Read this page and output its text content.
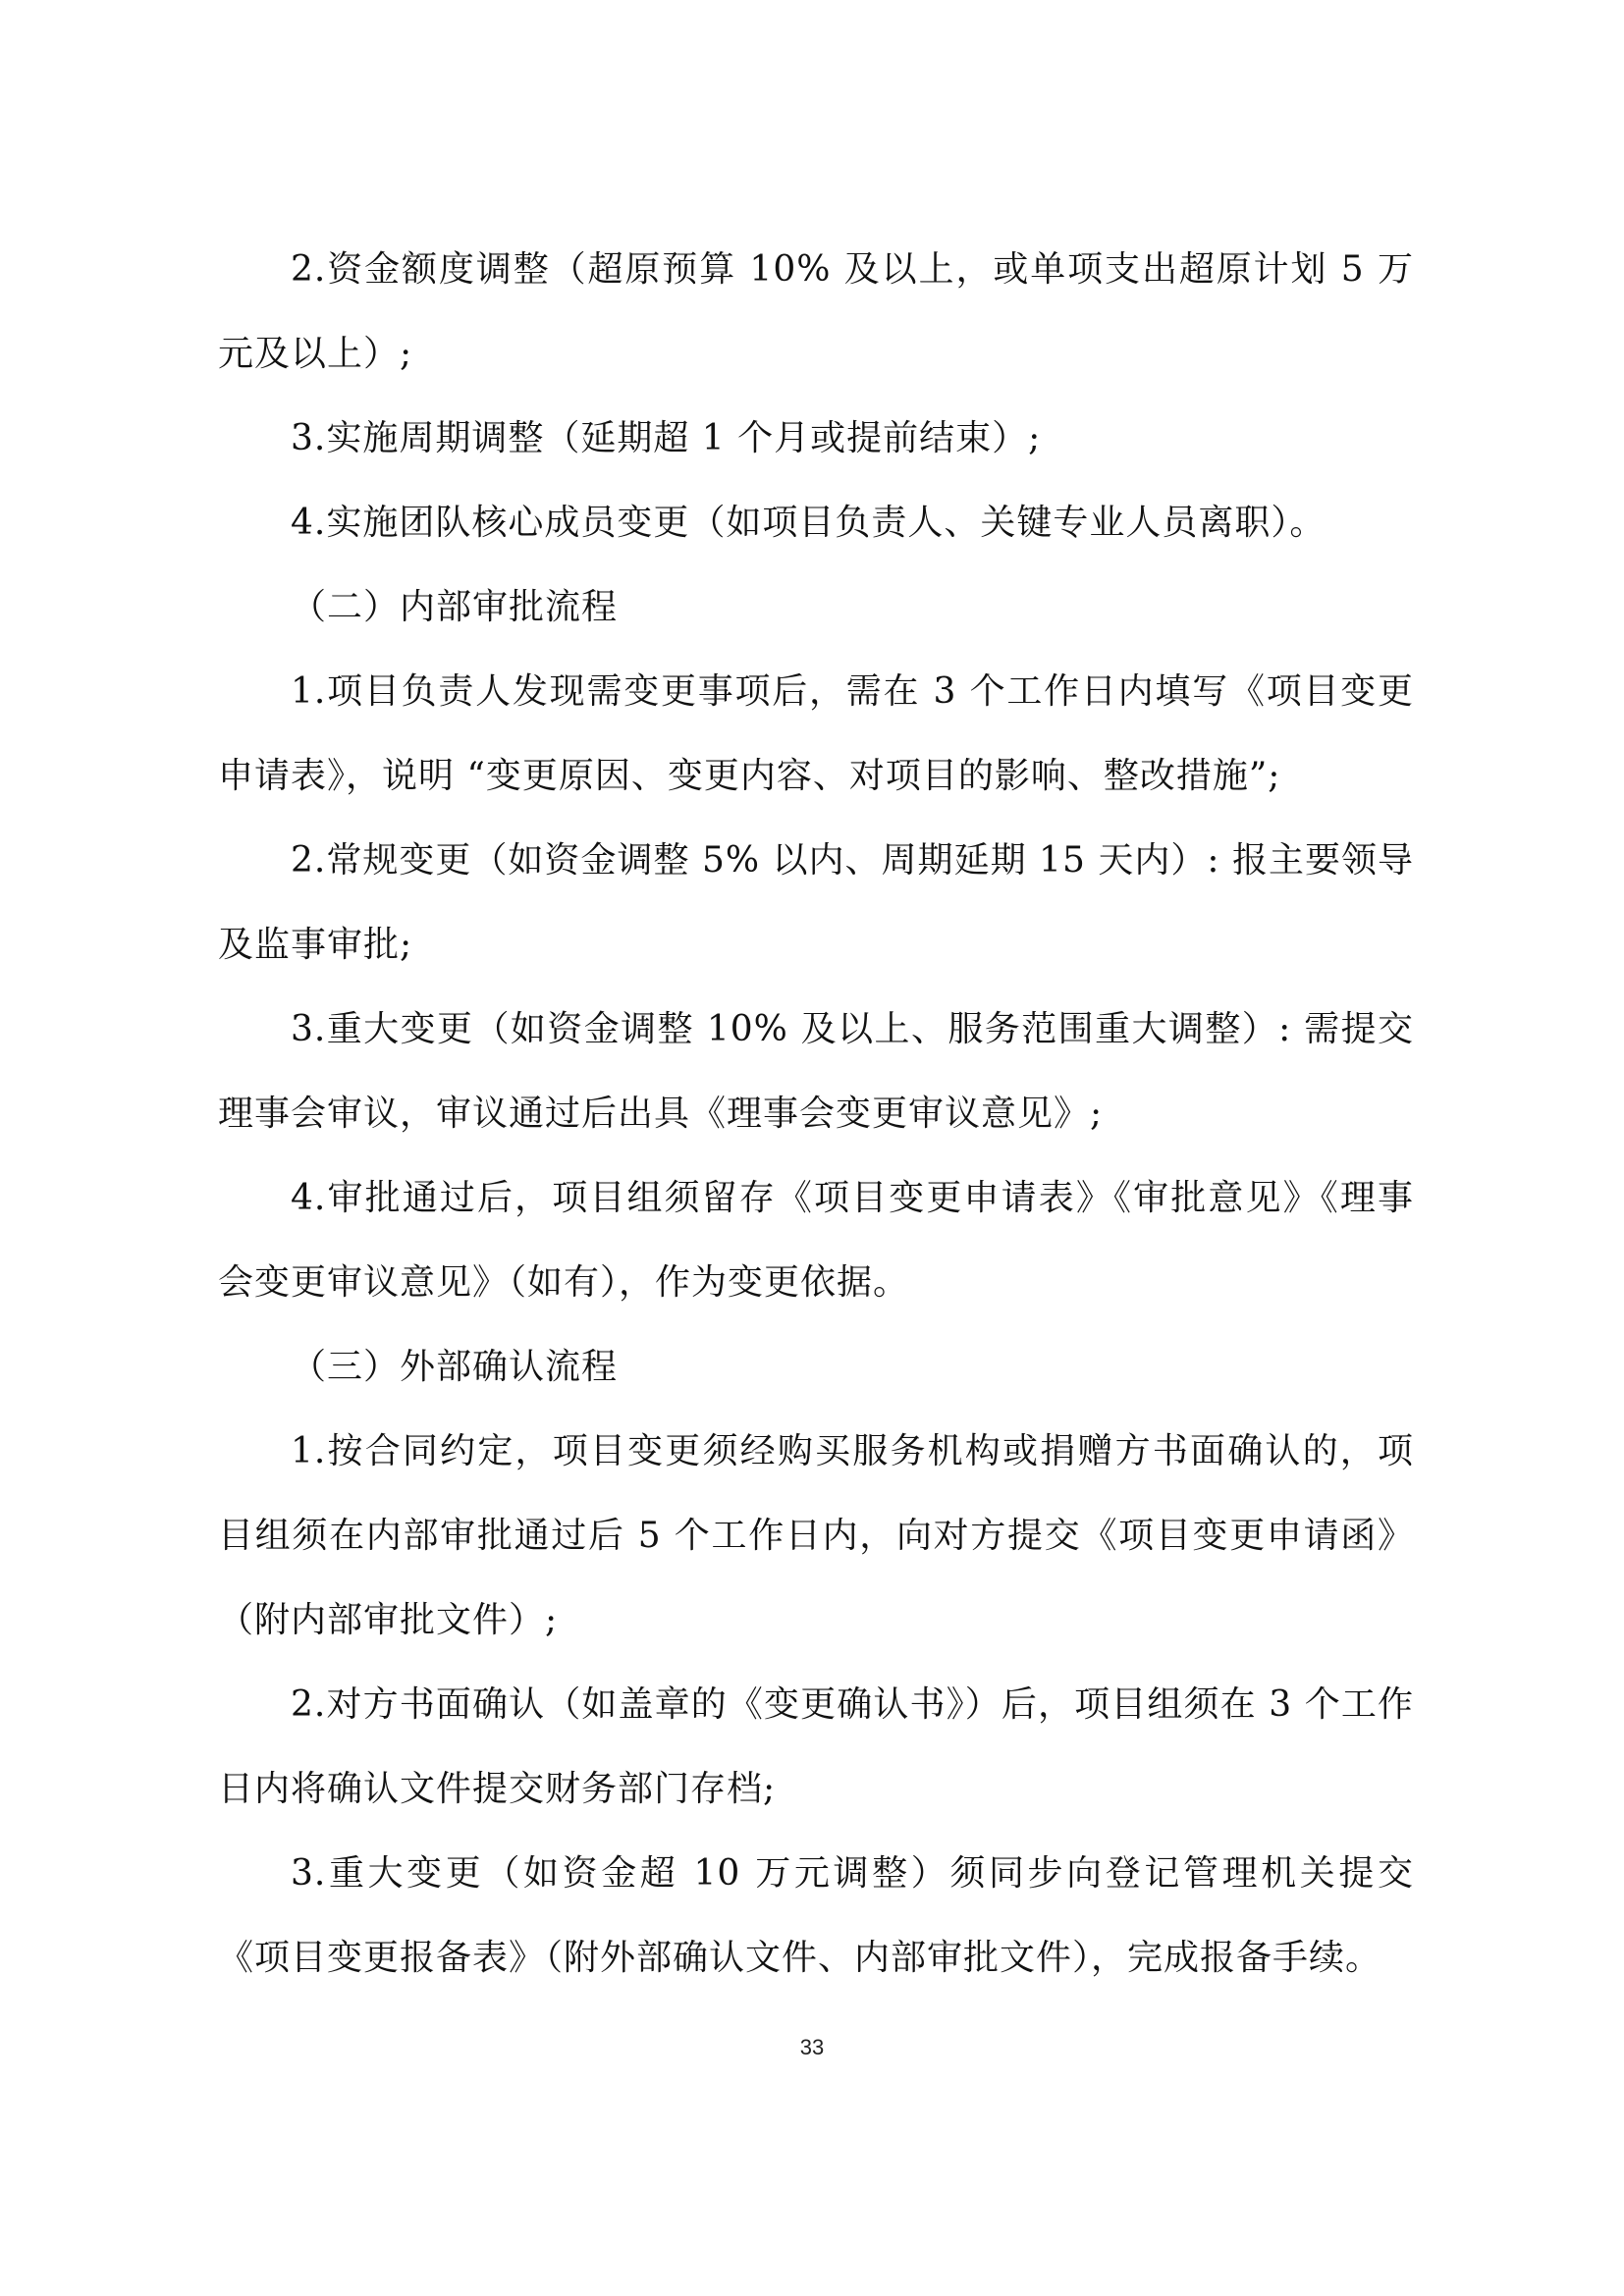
2.资金额度调整（超原预算 10% 及以上，或单项支出超原计划 5 万元及以上）;

3.实施周期调整（延期超 1 个月或提前结束）;

4.实施团队核心成员变更（如项目负责人、关键专业人员离职）。

（二）内部审批流程

1.项目负责人发现需变更事项后，需在 3 个工作日内填写《项目变更申请表》，说明 “变更原因、变更内容、对项目的影响、整改措施”;

2.常规变更（如资金调整 5% 以内、周期延期 15 天内）: 报主要领导及监事审批;

3.重大变更（如资金调整 10% 及以上、服务范围重大调整）: 需提交理事会审议，审议通过后出具《理事会变更审议意见》;

4.审批通过后，项目组须留存《项目变更申请表》《审批意见》《理事会变更审议意见》（如有），作为变更依据。

（三）外部确认流程

1.按合同约定，项目变更须经购买服务机构或捐赠方书面确认的，项目组须在内部审批通过后 5 个工作日内，向对方提交《项目变更申请函》（附内部审批文件）;

2.对方书面确认（如盖章的《变更确认书》）后，项目组须在 3 个工作日内将确认文件提交财务部门存档;

3.重大变更（如资金超 10 万元调整）须同步向登记管理机关提交《项目变更报备表》（附外部确认文件、内部审批文件），完成报备手续。

33
